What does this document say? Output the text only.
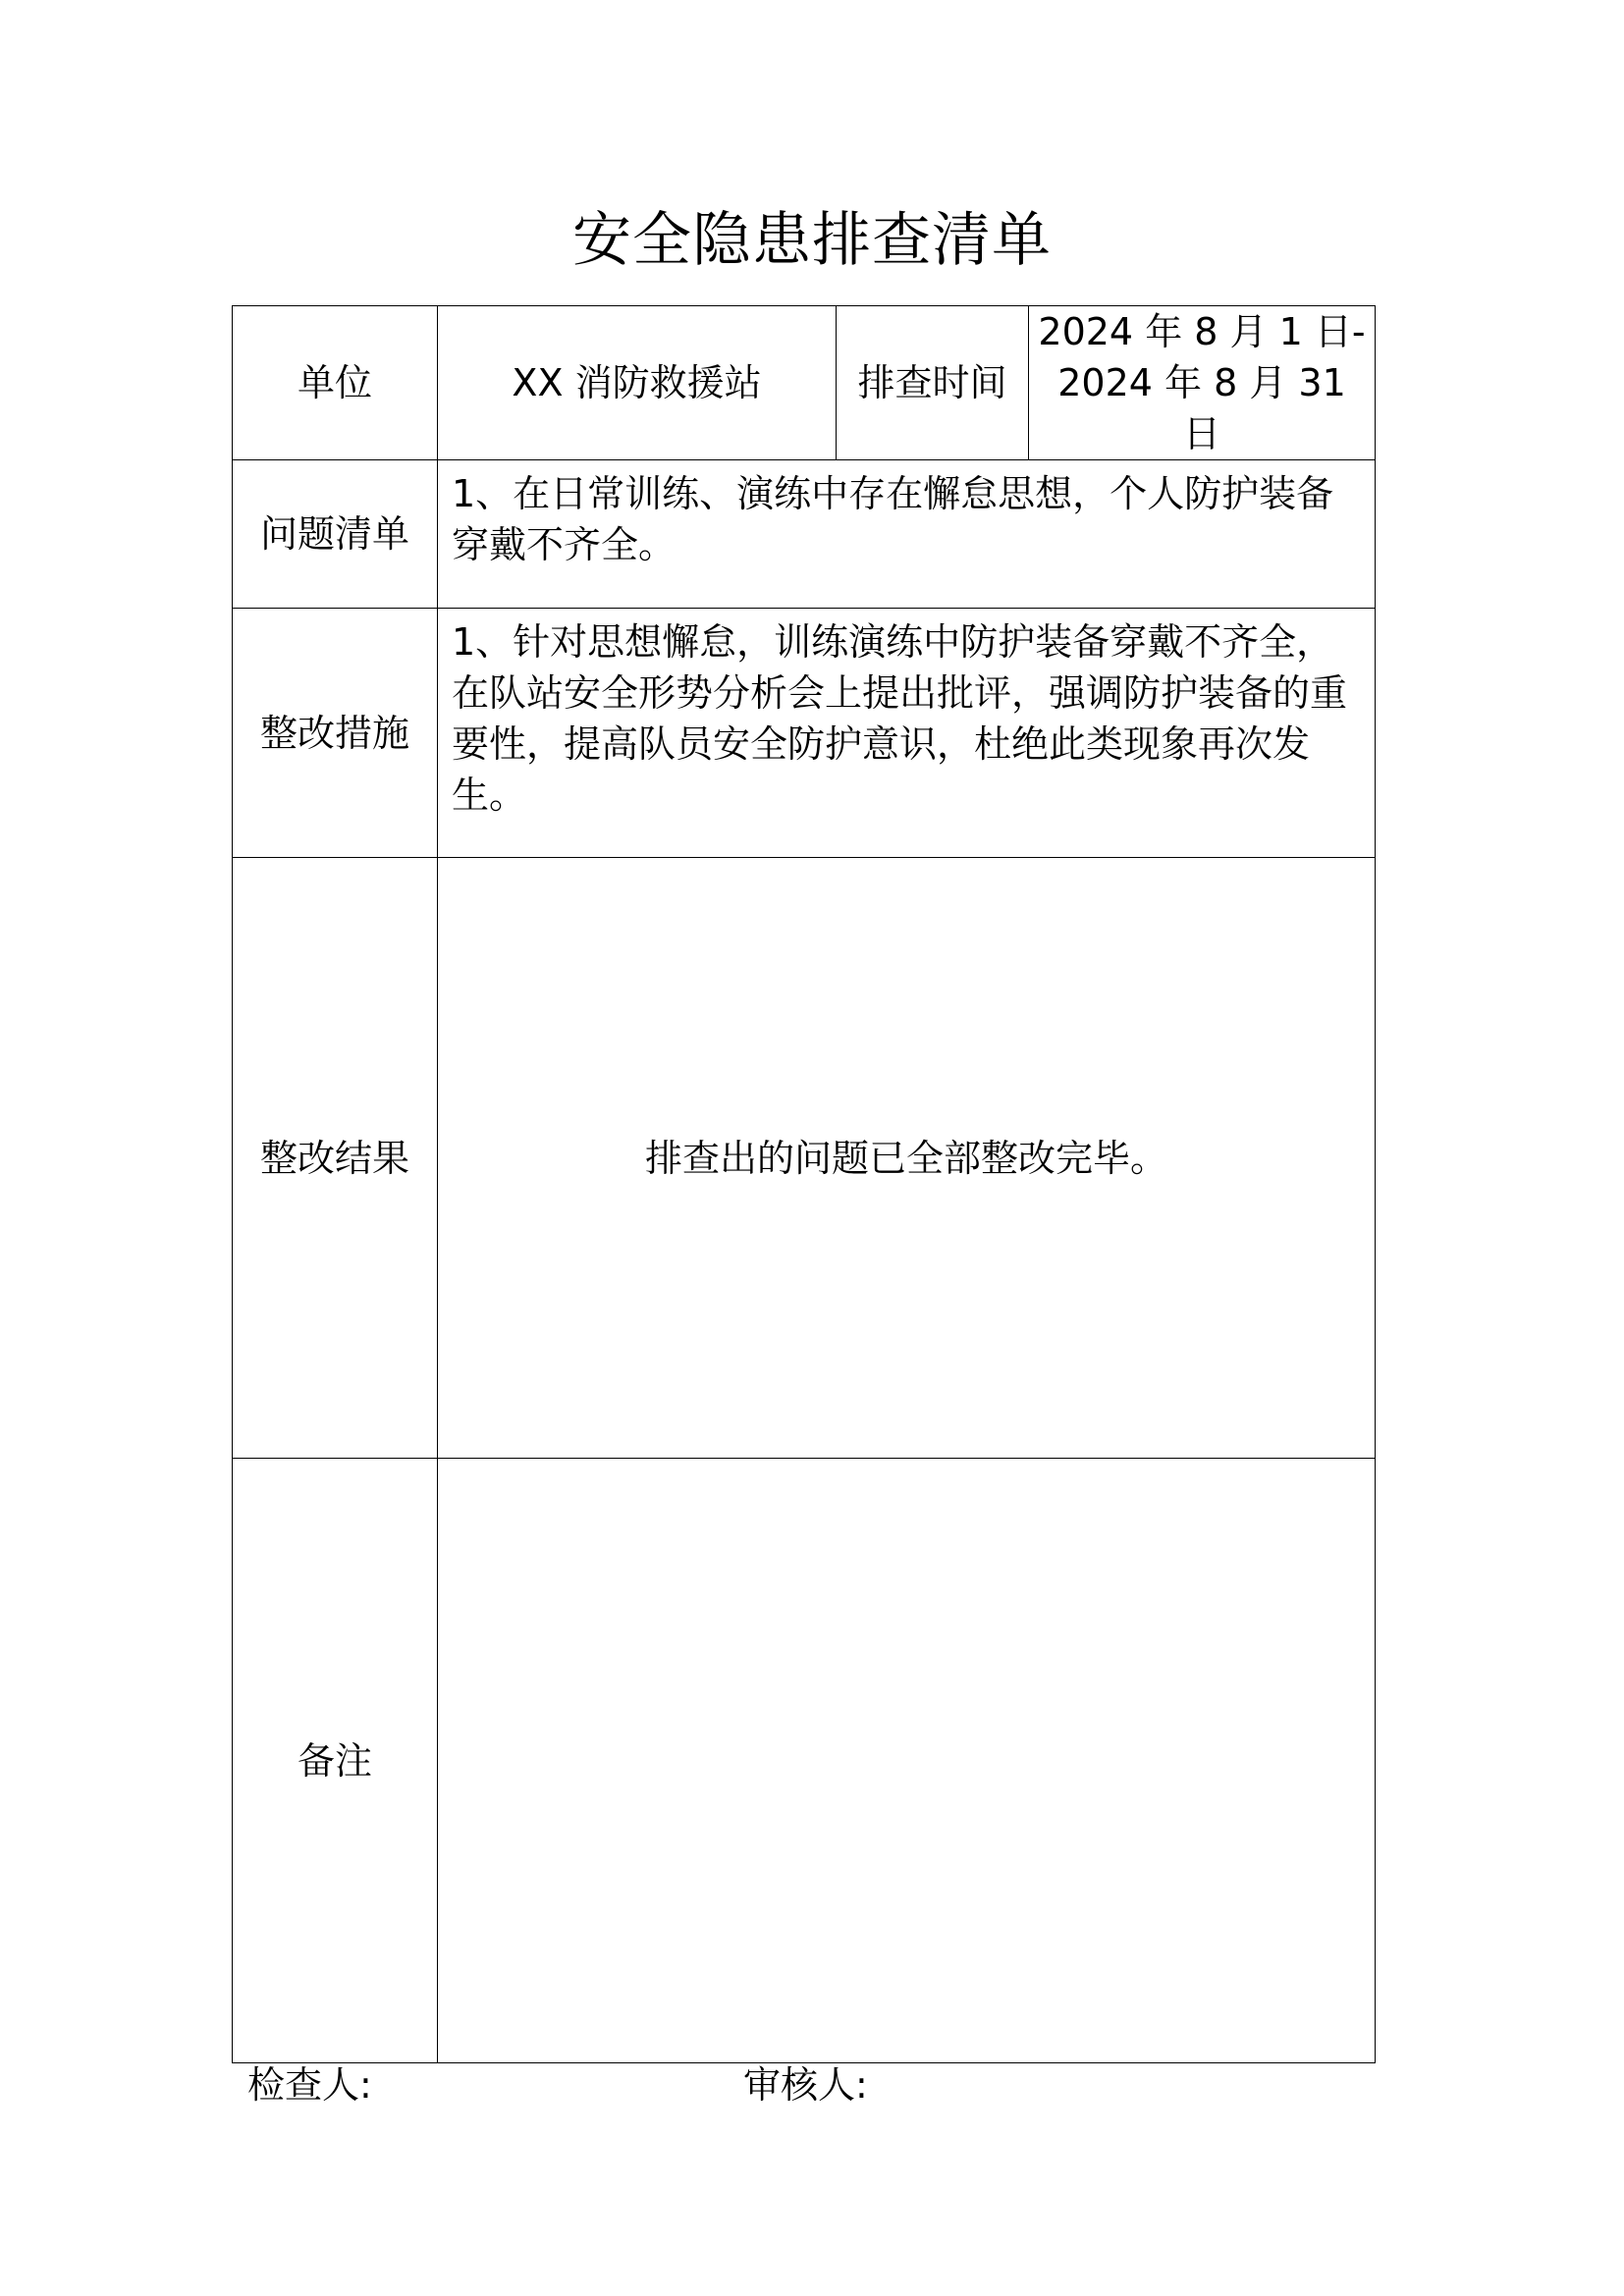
安全隐患排查清单
单位	XX 消防救援站	排查时间	2024 年 8 月 1 日-
2024 年 8 月 31
日

问题清单	1、在日常训练、演练中存在懈怠思想，个人防护装备穿戴不齐全。		
整改措施	1、针对思想懈怠，训练演练中防护装备穿戴不齐全，在队站安全形势分析会上提出批评，强调防护装备的重要性，提高队员安全防护意识，杜绝此类现象再次发生。		
整改结果	排查出的问题已全部整改完毕。		
备注			
检查人:	审核人:
